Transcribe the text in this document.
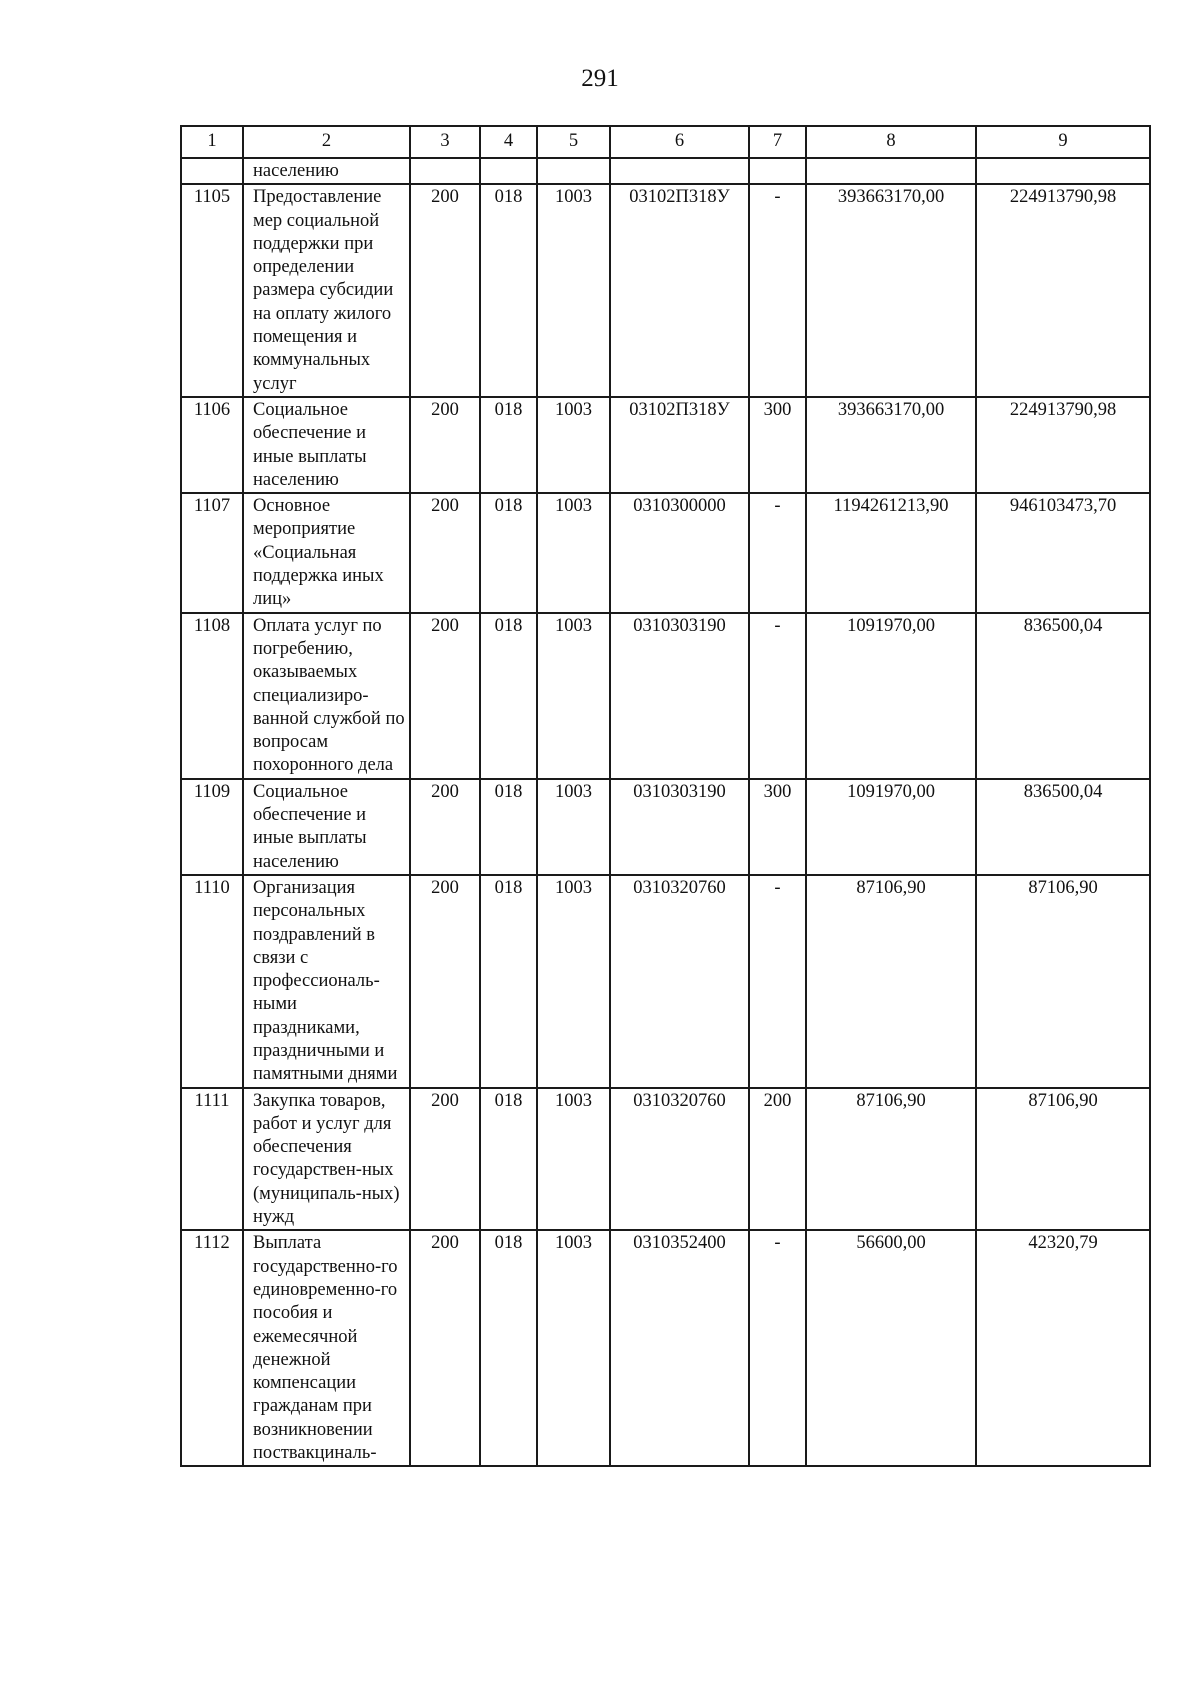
291
1	2	3	4	5	6	7	8	9
	населению							
1105	Предоставление мер социальной поддержки при определении размера субсидии на оплату жилого помещения и коммунальных услуг	200	018	1003	03102П318У	-	393663170,00	224913790,98
1106	Социальное обеспечение и иные выплаты населению	200	018	1003	03102П318У	300	393663170,00	224913790,98
1107	Основное мероприятие «Социальная поддержка иных лиц»	200	018	1003	0310300000	-	1194261213,90	946103473,70
1108	Оплата услуг по погребению, оказываемых специализиро-ванной службой по вопросам похоронного дела	200	018	1003	0310303190	-	1091970,00	836500,04
1109	Социальное обеспечение и иные выплаты населению	200	018	1003	0310303190	300	1091970,00	836500,04
1110	Организация персональных поздравлений в связи с профессиональ-ными праздниками, праздничными и памятными днями	200	018	1003	0310320760	-	87106,90	87106,90
1111	Закупка товаров, работ и услуг для обеспечения государствен-ных (муниципаль-ных) нужд	200	018	1003	0310320760	200	87106,90	87106,90
1112	Выплата государственно-го единовременно-го пособия и ежемесячной денежной компенсации гражданам при возникновении поствакциналь-	200	018	1003	0310352400	-	56600,00	42320,79
